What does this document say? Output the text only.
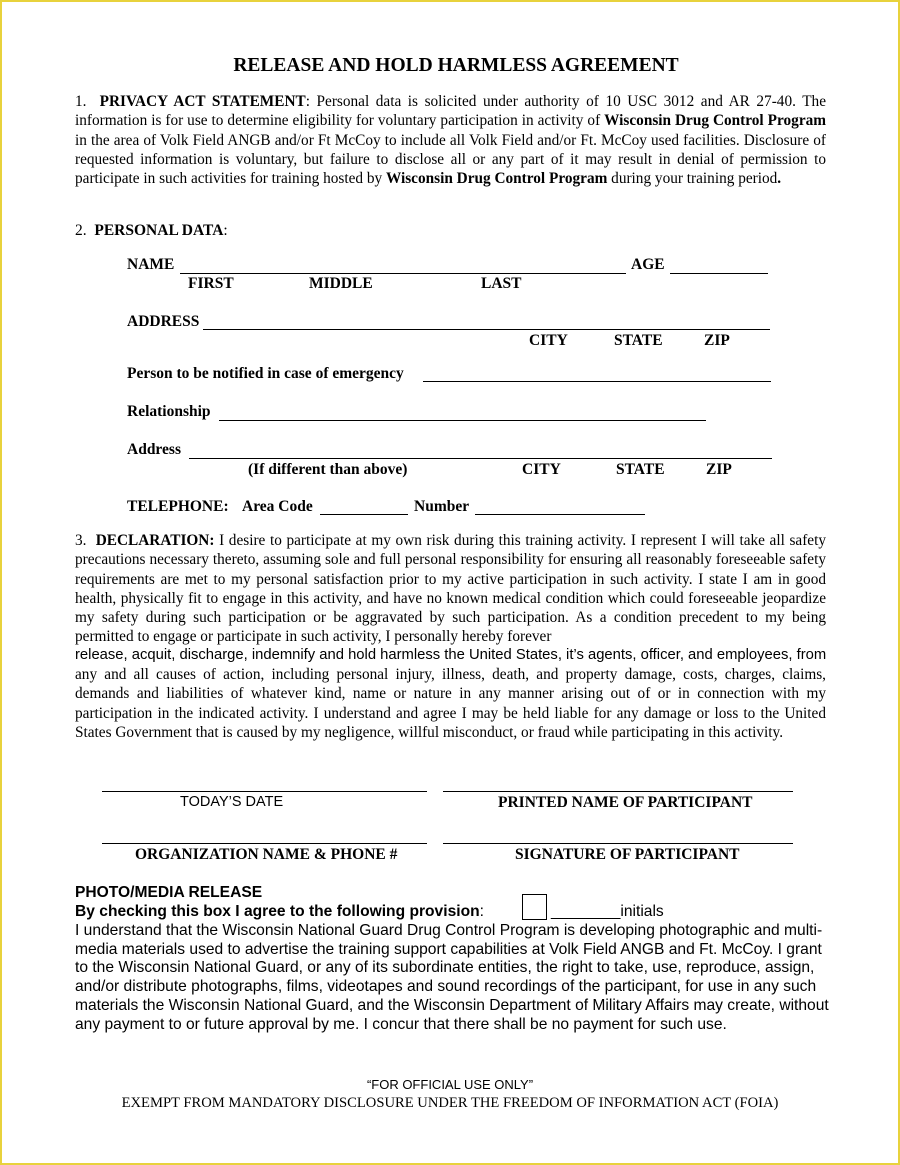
RELEASE AND HOLD HARMLESS AGREEMENT
1. PRIVACY ACT STATEMENT: Personal data is solicited under authority of 10 USC 3012 and AR 27-40. The information is for use to determine eligibility for voluntary participation in activity of Wisconsin Drug Control Program in the area of Volk Field ANGB and/or Ft McCoy to include all Volk Field and/or Ft. McCoy used facilities. Disclosure of requested information is voluntary, but failure to disclose all or any part of it may result in denial of permission to participate in such activities for training hosted by Wisconsin Drug Control Program during your training period.
2. PERSONAL DATA:
NAME	AGE
FIRST	MIDDLE	LAST
ADDRESS
CITY	STATE	ZIP
Person to be notified in case of emergency
Relationship
Address
(If different than above)	CITY	STATE	ZIP
TELEPHONE: Area Code	Number
3. DECLARATION: I desire to participate at my own risk during this training activity. I represent I will take all safety precautions necessary thereto, assuming sole and full personal responsibility for ensuring all reasonably foreseeable safety requirements are met to my personal satisfaction prior to my active participation in such activity. I state I am in good health, physically fit to engage in this activity, and have no known medical condition which could foreseeable jeopardize my safety during such participation or be aggravated by such participation. As a condition precedent to my being permitted to engage or participate in such activity, I personally hereby forever
release, acquit, discharge, indemnify and hold harmless the United States, it’s agents, officer, and employees, from
any and all causes of action, including personal injury, illness, death, and property damage, costs, charges, claims, demands and liabilities of whatever kind, name or nature in any manner arising out of or in connection with my participation in the indicated activity. I understand and agree I may be held liable for any damage or loss to the United States Government that is caused by my negligence, willful misconduct, or fraud while participating in this activity.
TODAY’S DATE	PRINTED NAME OF PARTICIPANT
ORGANIZATION NAME & PHONE #	SIGNATURE OF PARTICIPANT
PHOTO/MEDIA RELEASE
By checking this box I agree to the following provision:	________initials
I understand that the Wisconsin National Guard Drug Control Program is developing photographic and multi-media materials used to advertise the training support capabilities at Volk Field ANGB and Ft. McCoy. I grant to the Wisconsin National Guard, or any of its subordinate entities, the right to take, use, reproduce, assign, and/or distribute photographs, films, videotapes and sound recordings of the participant, for use in any such materials the Wisconsin National Guard, and the Wisconsin Department of Military Affairs may create, without any payment to or future approval by me. I concur that there shall be no payment for such use.
“FOR OFFICIAL USE ONLY”
EXEMPT FROM MANDATORY DISCLOSURE UNDER THE FREEDOM OF INFORMATION ACT (FOIA)
